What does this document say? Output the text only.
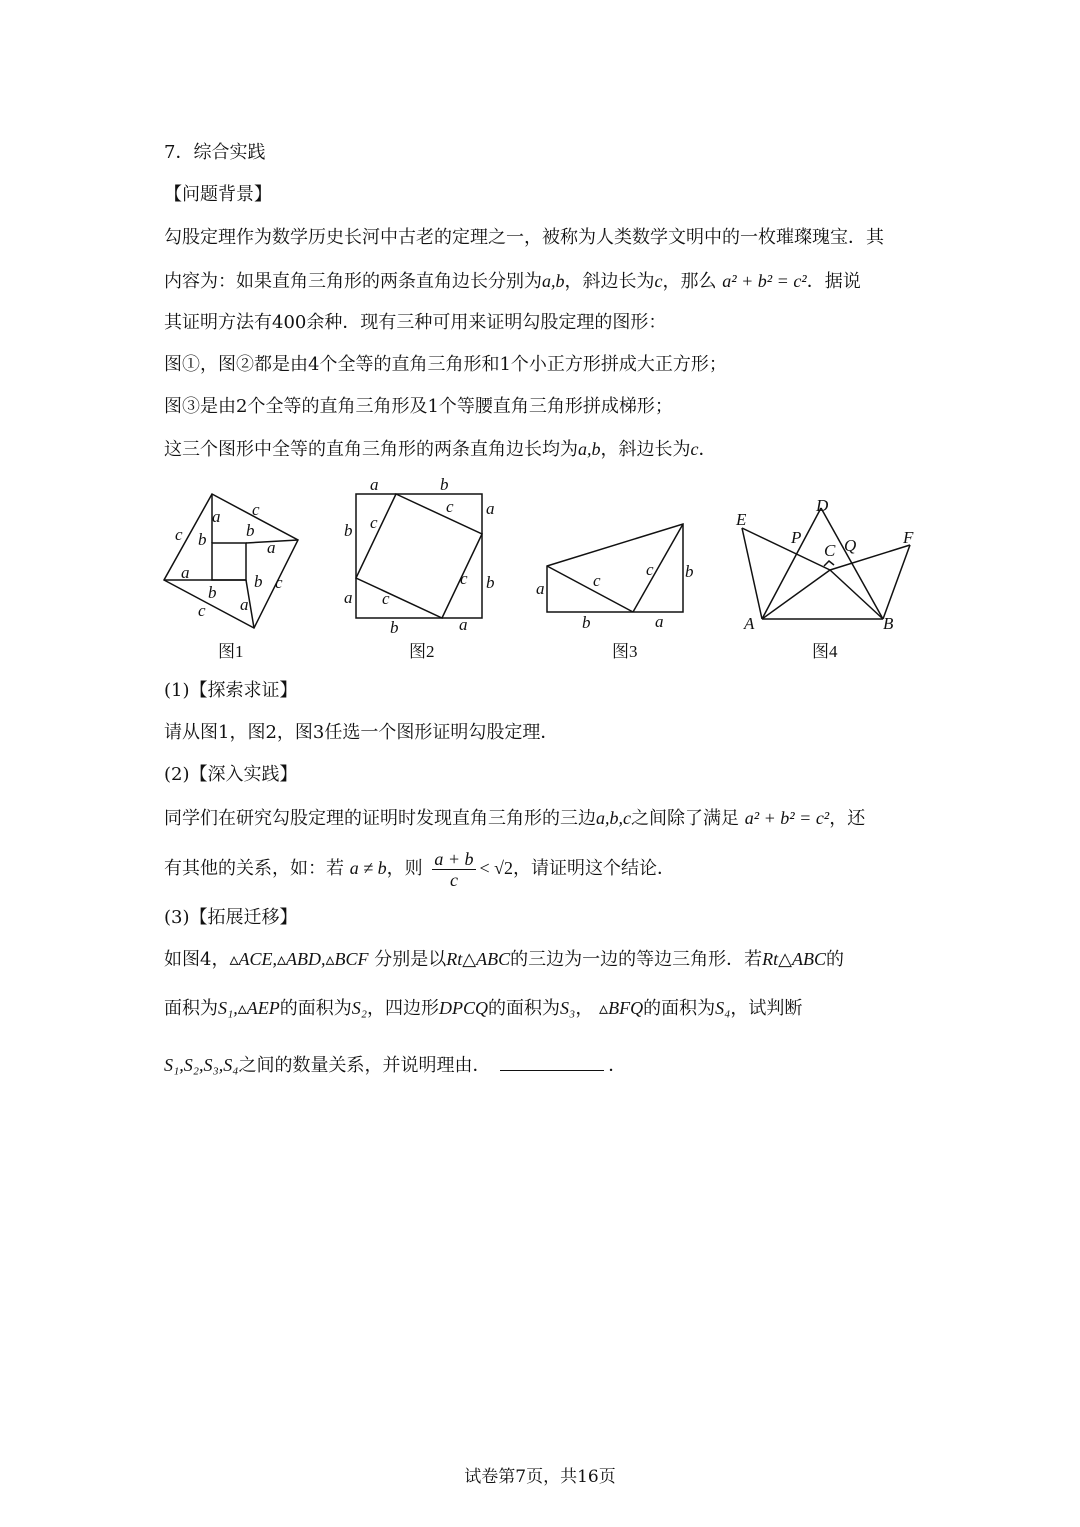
7．综合实践
【问题背景】
勾股定理作为数学历史长河中古老的定理之一，被称为人类数学文明中的一枚璀璨瑰宝．其
内容为：如果直角三角形的两条直角边长分别为a,b，斜边长为c，那么 a² + b² = c²．据说
其证明方法有400余种．现有三种可用来证明勾股定理的图形：
图①，图②都是由4个全等的直角三角形和1个小正方形拼成大正方形；
图③是由2个全等的直角三角形及1个等腰直角三角形拼成梯形；
这三个图形中全等的直角三角形的两条直角边长均为a,b，斜边长为c．
c
a c
b b
a
a
b
c
c
a
b
图1
a	b
b c
c a
c b
a c
b	a
图2
c
c b
a
b	a
图3
D
E
F
P
C Q
A	B
图4
(1)【探索求证】
请从图1，图2，图3任选一个图形证明勾股定理．
(2)【深入实践】
同学们在研究勾股定理的证明时发现直角三角形的三边a,b,c之间除了满足 a² + b² = c²，还
有其他的关系，如：若 a ≠ b，则 $\frac{a + b}{c} < √2$，请证明这个结论．
(3)【拓展迁移】
如图4，▵ACE,▵ABD,▵BCF 分别是以Rt△ABC的三边为一边的等边三角形．若Rt△ABC的
面积为S₁,▵AEP的面积为S₂，四边形DPCQ的面积为S₃， ▵BFQ的面积为S₄，试判断
S₁,S₂,S₃,S₄之间的数量关系，并说明理由．	．
试卷第7页，共16页
